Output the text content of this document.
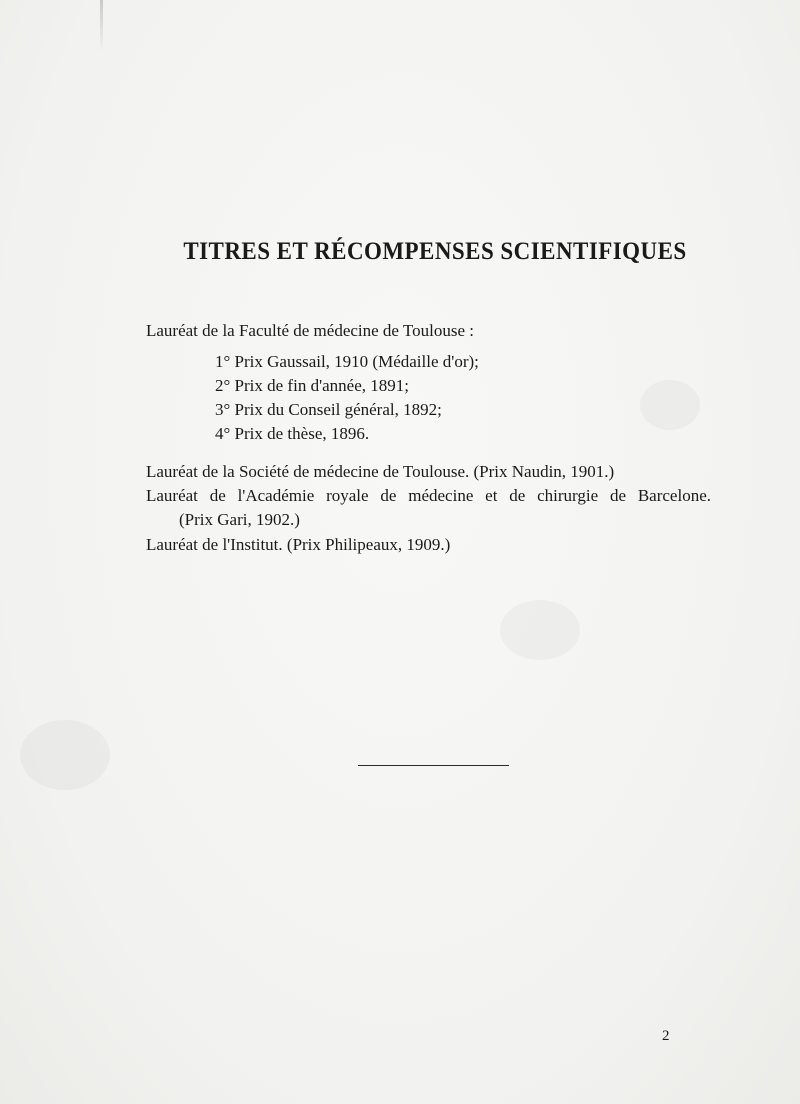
TITRES ET RÉCOMPENSES SCIENTIFIQUES
Lauréat de la Faculté de médecine de Toulouse :
1° Prix Gaussail, 1910 (Médaille d'or);
2° Prix de fin d'année, 1891;
3° Prix du Conseil général, 1892;
4° Prix de thèse, 1896.
Lauréat de la Société de médecine de Toulouse. (Prix Naudin, 1901.)
Lauréat de l'Académie royale de médecine et de chirurgie de Barcelone.
(Prix Gari, 1902.)
Lauréat de l'Institut. (Prix Philipeaux, 1909.)
2
